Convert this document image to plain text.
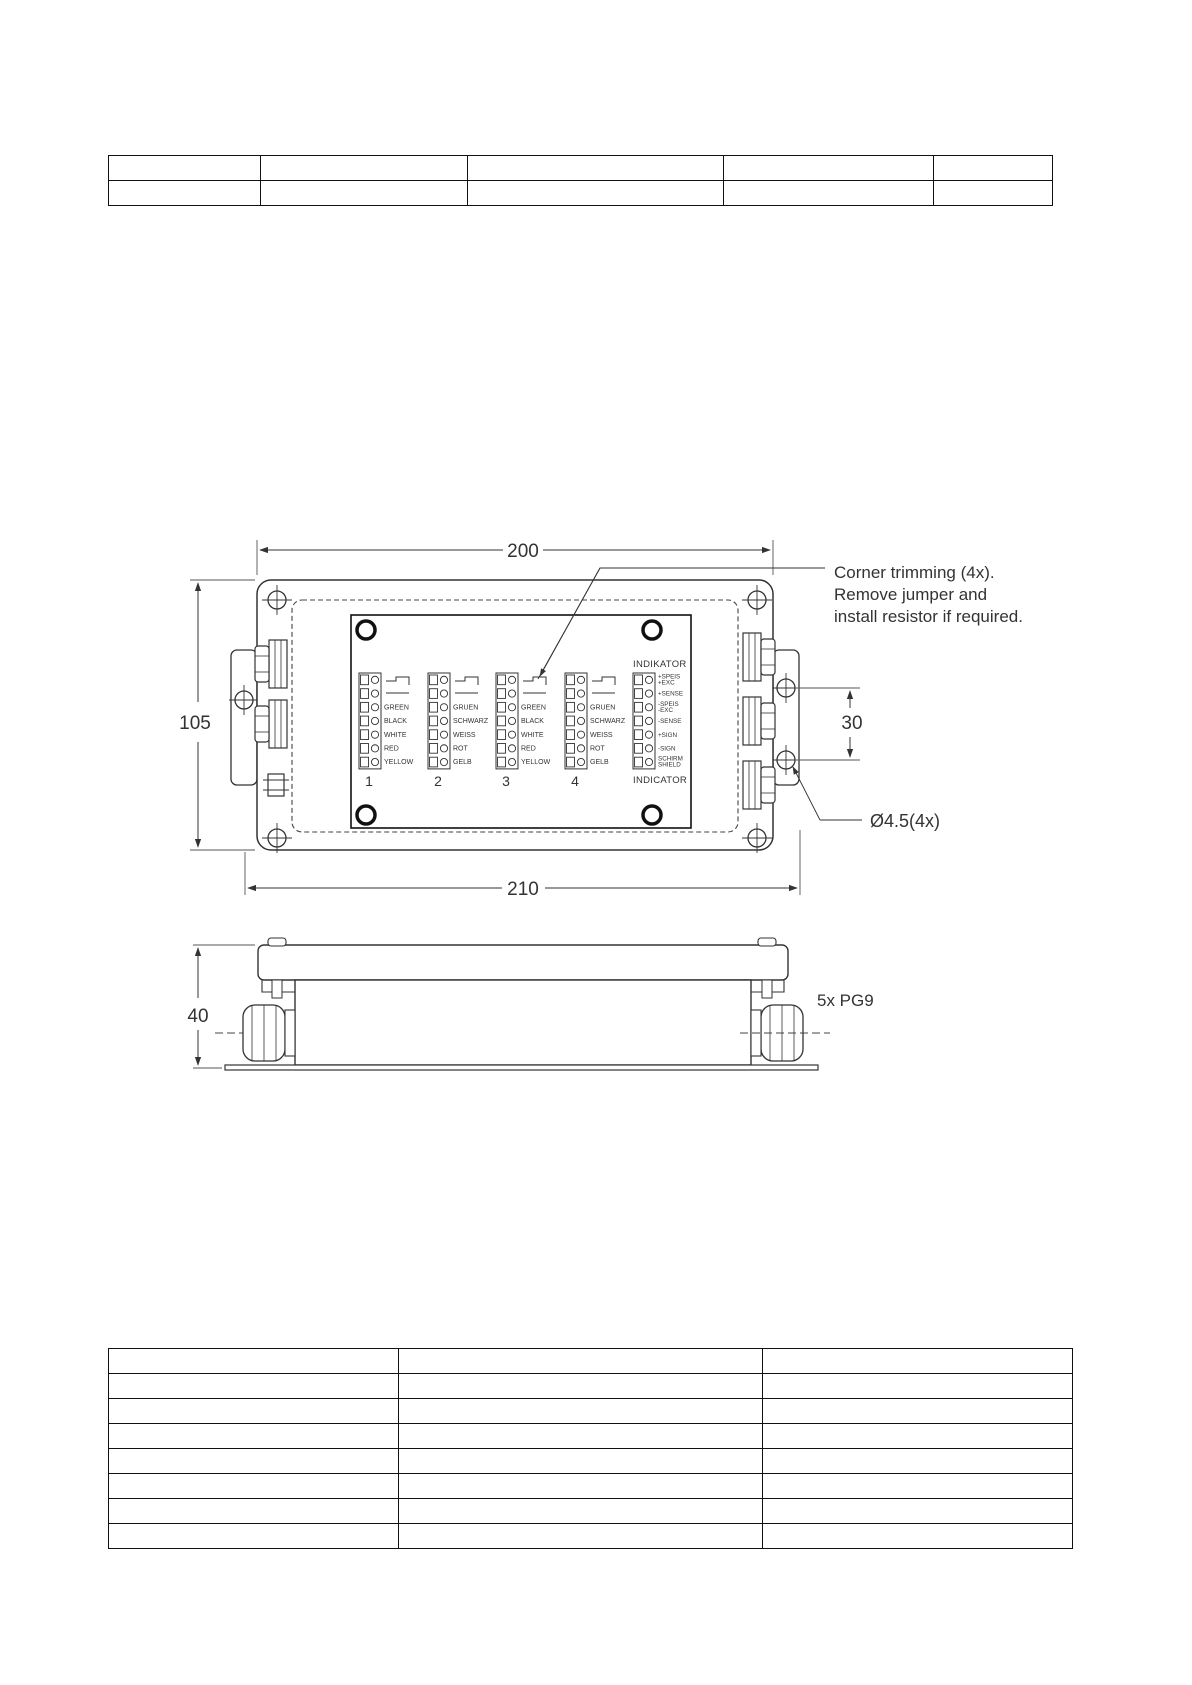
GREEN
BLACK
WHITE
RED
YELLOW
1
GRUEN
SCHWARZ
WEISS
ROT
GELB
2
GREEN
BLACK
WHITE
RED
YELLOW
3
GRUEN
SCHWARZ
WEISS
ROT
GELB
4
INDIKATOR
+SPEIS
+EXC
+SENSE
-SPEIS
-EXC
-SENSE
+SIGN
-SIGN
SCHIRM
SHIELD
INDICATOR
200
105
210
30
Corner trimming (4x).
Remove jumper and
install resistor if required.
Ø4.5(4x)
40
5x PG9
